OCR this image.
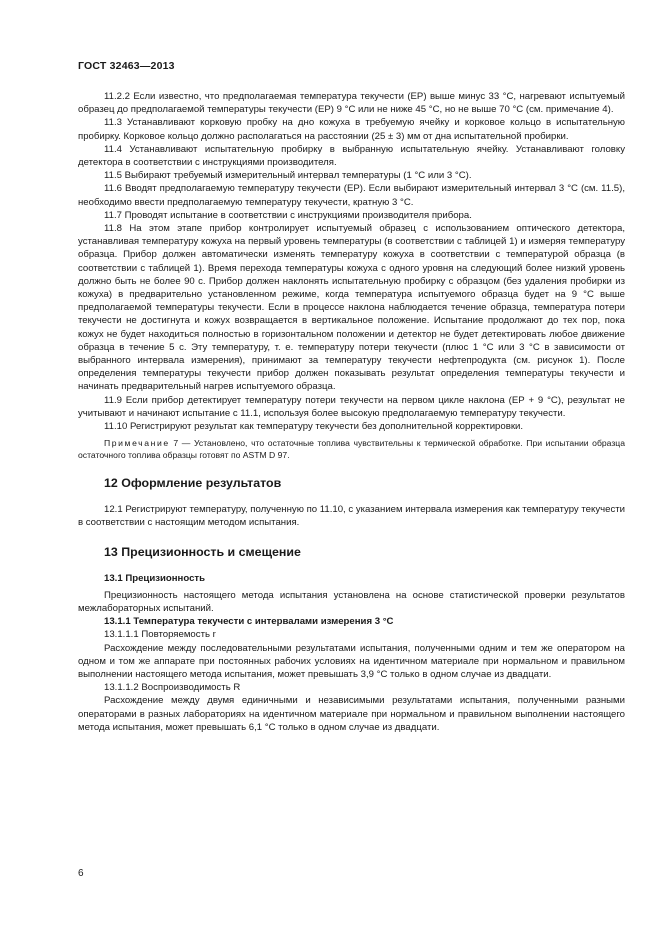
ГОСТ 32463—2013

11.2.2 Если известно, что предполагаемая температура текучести (ЕР) выше минус 33 °С, нагревают испытуемый образец до предполагаемой температуры текучести (ЕР) 9 °С или не ниже 45 °С, но не выше 70 °С (см. примечание 4).

11.3 Устанавливают корковую пробку на дно кожуха в требуемую ячейку и корковое кольцо в испытательную пробирку. Корковое кольцо должно располагаться на расстоянии (25 ± 3) мм от дна испытательной пробирки.

11.4 Устанавливают испытательную пробирку в выбранную испытательную ячейку. Устанавливают головку детектора в соответствии с инструкциями производителя.

11.5 Выбирают требуемый измерительный интервал температуры (1 °С или 3 °С).

11.6 Вводят предполагаемую температуру текучести (ЕР). Если выбирают измерительный интервал 3 °С (см. 11.5), необходимо ввести предполагаемую температуру текучести, кратную 3 °С.

11.7 Проводят испытание в соответствии с инструкциями производителя прибора.

11.8 На этом этапе прибор контролирует испытуемый образец с использованием оптического детектора, устанавливая температуру кожуха на первый уровень температуры (в соответствии с таблицей 1) и измеряя температуру образца. Прибор должен автоматически изменять температуру кожуха в соответствии с температурой образца (в соответствии с таблицей 1). Время перехода температуры кожуха с одного уровня на следующий более низкий уровень должно быть не более 90 с. Прибор должен наклонять испытательную пробирку с образцом (без удаления пробирки из кожуха) в предварительно установленном режиме, когда температура испытуемого образца будет на 9 °С выше предполагаемой температуры текучести. Если в процессе наклона наблюдается течение образца, температура потери текучести не достигнута и кожух возвращается в вертикальное положение. Испытание продолжают до тех пор, пока кожух не будет находиться полностью в горизонтальном положении и детектор не будет детектировать любое движение образца в течение 5 с. Эту температуру, т. е. температуру потери текучести (плюс 1 °С или 3 °С в зависимости от выбранного интервала измерения), принимают за температуру текучести нефтепродукта (см. рисунок 1). После определения температуры текучести прибор должен показывать результат определения температуры текучести и начинать предварительный нагрев испытуемого образца.

11.9 Если прибор детектирует температуру потери текучести на первом цикле наклона (ЕР + 9 °С), результат не учитывают и начинают испытание с 11.1, используя более высокую предполагаемую температуру текучести.

11.10 Регистрируют результат как температуру текучести без дополнительной корректировки.

Примечание 7 — Установлено, что остаточные топлива чувствительны к термической обработке. При испытании образца остаточного топлива образцы готовят по ASTM D 97.

12 Оформление результатов

12.1 Регистрируют температуру, полученную по 11.10, с указанием интервала измерения как температуру текучести в соответствии с настоящим методом испытания.

13 Прецизионность и смещение
13.1 Прецизионность

Прецизионность настоящего метода испытания установлена на основе статистической проверки результатов межлабораторных испытаний.

13.1.1 Температура текучести с интервалами измерения 3 °С

13.1.1.1 Повторяемость r

Расхождение между последовательными результатами испытания, полученными одним и тем же оператором на одном и том же аппарате при постоянных рабочих условиях на идентичном материале при нормальном и правильном выполнении настоящего метода испытания, может превышать 3,9 °С только в одном случае из двадцати.

13.1.1.2 Воспроизводимость R

Расхождение между двумя единичными и независимыми результатами испытания, полученными разными операторами в разных лабораториях на идентичном материале при нормальном и правильном выполнении настоящего метода испытания, может превышать 6,1 °С только в одном случае из двадцати.

6
